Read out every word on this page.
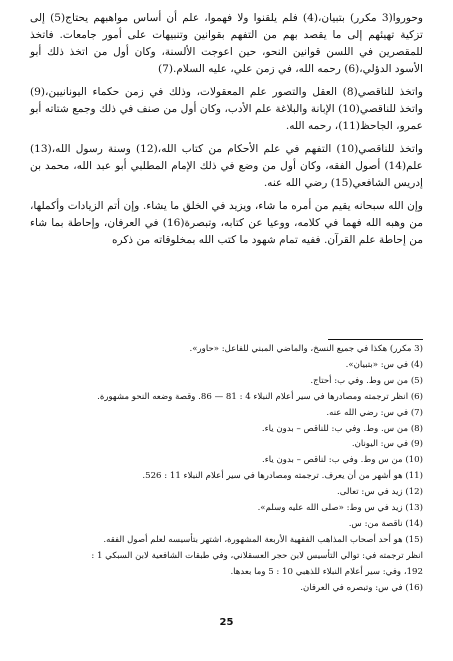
وحوروا(3 مكرر) بتبيان،(4) فلم يلقنوا ولا فهموا، علم أن أساس مواهبهم يحتاج(5) إلى تزكية تهيئهم إلى ما يقصد بهم من التفهم بقوانين وتنبيهات على أمور جامعات. فاتخذ للمقصرين في اللسن قوانين النحو، حين اعوجت الألسنة، وكان أول من اتخذ ذلك أبو الأسود الدؤلي،(6) رحمه الله، في زمن علي، عليه السلام.(7)

واتخذ للناقصي(8) العقل والتصور علم المعقولات، وذلك في زمن حكماء اليونانيين،(9) واتخذ للناقصي(10) الإبانة والبلاغة علم الأدب، وكان أول من صنف في ذلك وجمع شتاته أبو عمرو، الجاحظ(11)، رحمه الله.

واتخذ للناقصي(10) التفهم في علم الأحكام من كتاب الله،(12) وسنة رسول الله،(13) علم(14) أصول الفقه، وكان أول من وضع في ذلك الإمام المطلبي أبو عبد الله، محمد بن إدريس الشافعي(15) رضي الله عنه.

وإن الله سبحانه يقيم من أمره ما شاء، ويزيد في الخلق ما يشاء. وإن أتم الزيادات وأكملها، من وهبه الله فهما في كلامه، ووعيا عن كتابه، وتبصرة(16) في العرفان، وإحاطة بما شاء من إحاطة علم القرآن. ففيه تمام شهود ما كتب الله بمخلوقاته من ذكره

(3 مكرر) هكذا في جميع النسخ، والماضي المبني للفاعل: «حاور».

(4) في س: «بتبيان».

(5) من س وط. وفي ب: أحتاج.

(6) انظر ترجمته ومصادرها في سير أعلام النبلاء 4 : 81 — 86. وقصة وضعه النحو مشهورة.

(7) في س: رضي الله عنه.

(8) من س. وط. وفي ب: للناقص – بدون ياء.

(9) في س: اليونان.

(10) من س وط. وفي ب: لناقص – بدون ياء.

(11) هو أشهر من أن يعرف. ترجمته ومصادرها في سير أعلام النبلاء 11 : 526.

(12) زيد في س: تعالى.

(13) زيد في س وط: «صلى الله عليه وسلم».

(14) ناقصة من: س.

(15) هو أحد أصحاب المذاهب الفقهية الأربعة المشهورة، اشتهر بتأسيسه لعلم أصول الفقه.

انظر ترجمته في: توالي التأسيس لابن حجر العسقلاني، وفي طبقات الشافعية لابن السبكي 1 :

192، وفي: سير أعلام النبلاء للذهبي 10 : 5 وما بعدها.

(16) في س: وتبصره في العرفان.

25
